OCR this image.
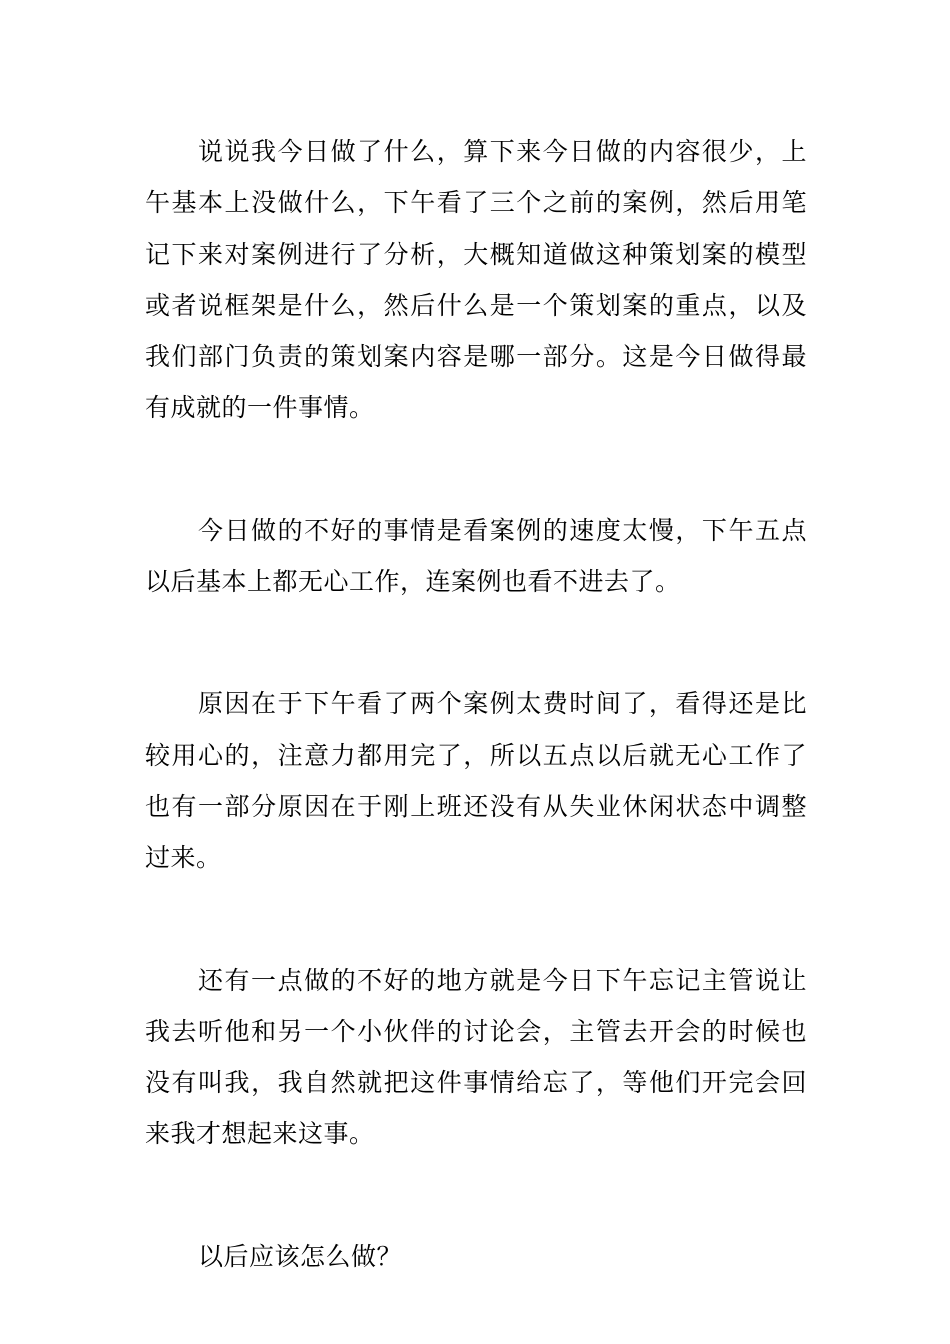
说说我今日做了什么，算下来今日做的内容很少，上午基本上没做什么，下午看了三个之前的案例，然后用笔记下来对案例进行了分析，大概知道做这种策划案的模型或者说框架是什么，然后什么是一个策划案的重点，以及我们部门负责的策划案内容是哪一部分。这是今日做得最有成就的一件事情。

今日做的不好的事情是看案例的速度太慢，下午五点以后基本上都无心工作，连案例也看不进去了。

原因在于下午看了两个案例太费时间了，看得还是比较用心的，注意力都用完了，所以五点以后就无心工作了也有一部分原因在于刚上班还没有从失业休闲状态中调整过来。

还有一点做的不好的地方就是今日下午忘记主管说让我去听他和另一个小伙伴的讨论会，主管去开会的时候也没有叫我，我自然就把这件事情给忘了，等他们开完会回来我才想起来这事。

以后应该怎么做？
